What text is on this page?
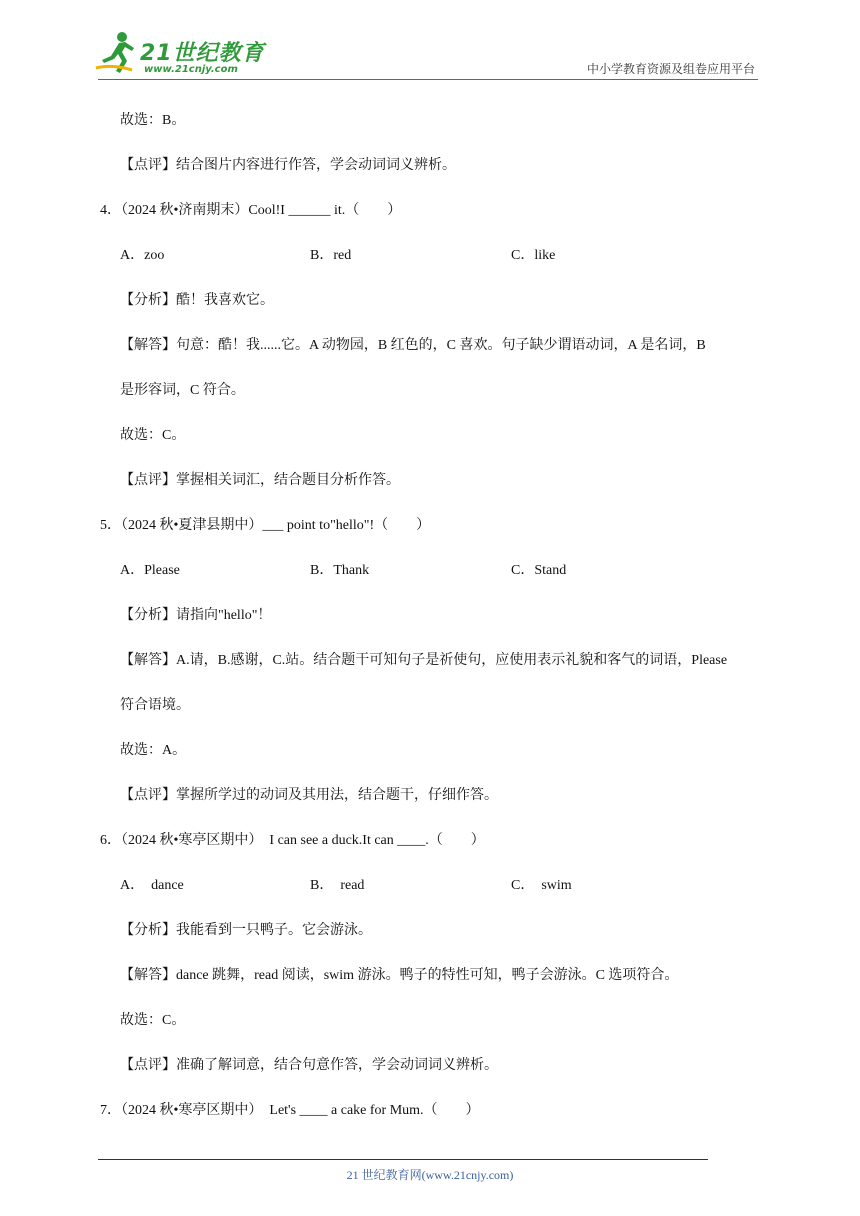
21世纪教育
www.21cnjy.com	中小学教育资源及组卷应用平台
故选：B。
【点评】结合图片内容进行作答，学会动词词义辨析。
4．（2024 秋•济南期末）Cool!I ______ it.（　　）
A．zoo	B．red	C．like
【分析】酷！我喜欢它。
【解答】句意：酷！我......它。A 动物园，B 红色的，C 喜欢。句子缺少谓语动词，A 是名词，B
是形容词，C 符合。
故选：C。
【点评】掌握相关词汇，结合题目分析作答。
5．（2024 秋•夏津县期中）___ point to"hello"!（　　）
A．Please	B．Thank	C．Stand
【分析】请指向"hello"！
【解答】A.请，B.感谢，C.站。结合题干可知句子是祈使句，应使用表示礼貌和客气的词语，Please
符合语境。
故选：A。
【点评】掌握所学过的动词及其用法，结合题干，仔细作答。
6．（2024 秋•寒亭区期中）　I can see a duck.It can ____.（　　）
A．　dance	B．　read	C．　swim
【分析】我能看到一只鸭子。它会游泳。
【解答】dance 跳舞，read 阅读，swim 游泳。鸭子的特性可知，鸭子会游泳。C 选项符合。
故选：C。
【点评】准确了解词意，结合句意作答，学会动词词义辨析。
7．（2024 秋•寒亭区期中）　Let's ____ a cake for Mum.（　　）
21 世纪教育网(www.21cnjy.com)
